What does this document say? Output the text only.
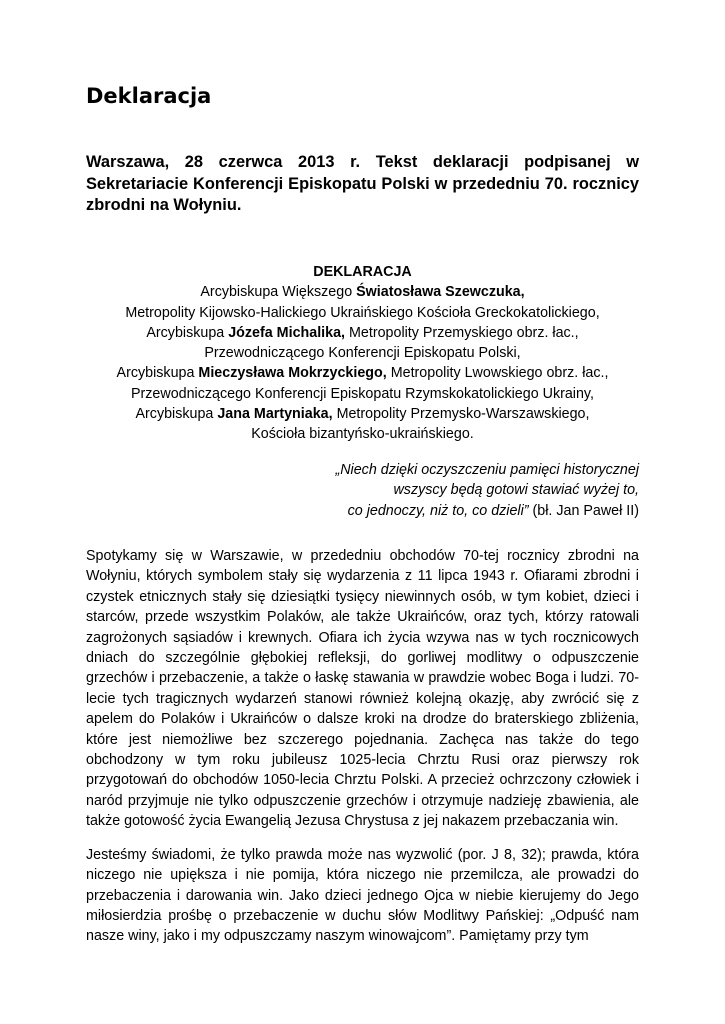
Deklaracja

Warszawa, 28 czerwca 2013 r. Tekst deklaracji podpisanej w Sekretariacie Konferencji Episkopatu Polski w przededniu 70. rocznicy zbrodni na Wołyniu.

DEKLARACJA
Arcybiskupa Większego Światosława Szewczuka,
Metropolity Kijowsko-Halickiego Ukraińskiego Kościoła Greckokatolickiego,
Arcybiskupa Józefa Michalika, Metropolity Przemyskiego obrz. łac.,
Przewodniczącego Konferencji Episkopatu Polski,
Arcybiskupa Mieczysława Mokrzyckiego, Metropolity Lwowskiego obrz. łac.,
Przewodniczącego Konferencji Episkopatu Rzymskokatolickiego Ukrainy,
Arcybiskupa Jana Martyniaka, Metropolity Przemysko-Warszawskiego,
Kościoła bizantyńsko-ukraińskiego.
„Niech dzięki oczyszczeniu pamięci historycznej
wszyscy będą gotowi stawiać wyżej to,
co jednoczy, niż to, co dzieli” (bł. Jan Paweł II)

Spotykamy się w Warszawie, w przededniu obchodów 70-tej rocznicy zbrodni na Wołyniu, których symbolem stały się wydarzenia z 11 lipca 1943 r. Ofiarami zbrodni i czystek etnicznych stały się dziesiątki tysięcy niewinnych osób, w tym kobiet, dzieci i starców, przede wszystkim Polaków, ale także Ukraińców, oraz tych, którzy ratowali zagrożonych sąsiadów i krewnych. Ofiara ich życia wzywa nas w tych rocznicowych dniach do szczególnie głębokiej refleksji, do gorliwej modlitwy o odpuszczenie grzechów i przebaczenie, a także o łaskę stawania w prawdzie wobec Boga i ludzi. 70-lecie tych tragicznych wydarzeń stanowi również kolejną okazję, aby zwrócić się z apelem do Polaków i Ukraińców o dalsze kroki na drodze do braterskiego zbliżenia, które jest niemożliwe bez szczerego pojednania. Zachęca nas także do tego obchodzony w tym roku jubileusz 1025-lecia Chrztu Rusi oraz pierwszy rok przygotowań do obchodów 1050-lecia Chrztu Polski. A przecież ochrzczony człowiek i naród przyjmuje nie tylko odpuszczenie grzechów i otrzymuje nadzieję zbawienia, ale także gotowość życia Ewangelią Jezusa Chrystusa z jej nakazem przebaczania win.

Jesteśmy świadomi, że tylko prawda może nas wyzwolić (por. J 8, 32); prawda, która niczego nie upiększa i nie pomija, która niczego nie przemilcza, ale prowadzi do przebaczenia i darowania win. Jako dzieci jednego Ojca w niebie kierujemy do Jego miłosierdzia prośbę o przebaczenie w duchu słów Modlitwy Pańskiej: „Odpuść nam nasze winy, jako i my odpuszczamy naszym winowajcom”. Pamiętamy przy tym
